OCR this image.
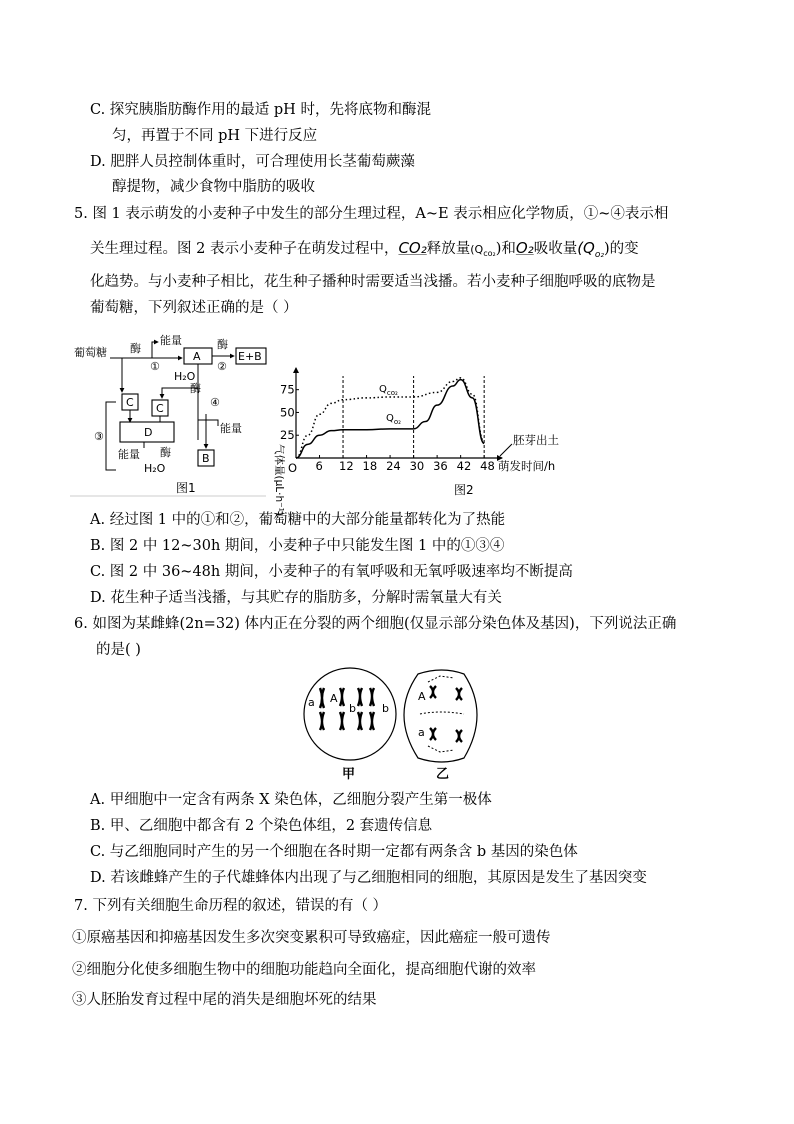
C. 探究胰脂肪酶作用的最适 pH 时，先将底物和酶混
匀，再置于不同 pH 下进行反应
D. 肥胖人员控制体重时，可合理使用长茎葡萄蕨藻
醇提物，减少食物中脂肪的吸收
5. 图 1 表示萌发的小麦种子中发生的部分生理过程，A~E 表示相应化学物质，①~④表示相
关生理过程。图 2 表示小麦种子在萌发过程中，CO₂释放量$(Q_{co_2})$和O₂吸收量$(Q_{o_2})$的变
化趋势。与小麦种子相比，花生种子播种时需要适当浅播。若小麦种子细胞呼吸的底物是
葡萄糖，下列叙述正确的是（ ）
葡萄糖 酶
①
能量
A
酶
②
E+B
H₂O
酶
④
能量
B
C C
D
③
能量 酶
H₂O
图1	气体量(μL·h⁻¹) O 6 12 18 24 30 36 42 48
25
50
75
萌发时间/h
胚芽出土
$Q_{co_2}$
$Q_{o_2}$
图2
A. 经过图 1 中的①和②，葡萄糖中的大部分能量都转化为了热能
B. 图 2 中 12~30h 期间，小麦种子中只能发生图 1 中的①③④
C. 图 2 中 36~48h 期间，小麦种子的有氧呼吸和无氧呼吸速率均不断提高
D. 花生种子适当浅播，与其贮存的脂肪多，分解时需氧量大有关
6. 如图为某雌蜂(2n=32) 体内正在分裂的两个细胞(仅显示部分染色体及基因)，下列说法正确
的是( )
a A
b b
A
a
甲	乙
A. 甲细胞中一定含有两条 X 染色体，乙细胞分裂产生第一极体
B. 甲、乙细胞中都含有 2 个染色体组，2 套遗传信息
C. 与乙细胞同时产生的另一个细胞在各时期一定都有两条含 b 基因的染色体
D. 若该雌蜂产生的子代雄蜂体内出现了与乙细胞相同的细胞，其原因是发生了基因突变
7. 下列有关细胞生命历程的叙述，错误的有（ ）
①原癌基因和抑癌基因发生多次突变累积可导致癌症，因此癌症一般可遗传
②细胞分化使多细胞生物中的细胞功能趋向全面化，提高细胞代谢的效率
③人胚胎发育过程中尾的消失是细胞坏死的结果
